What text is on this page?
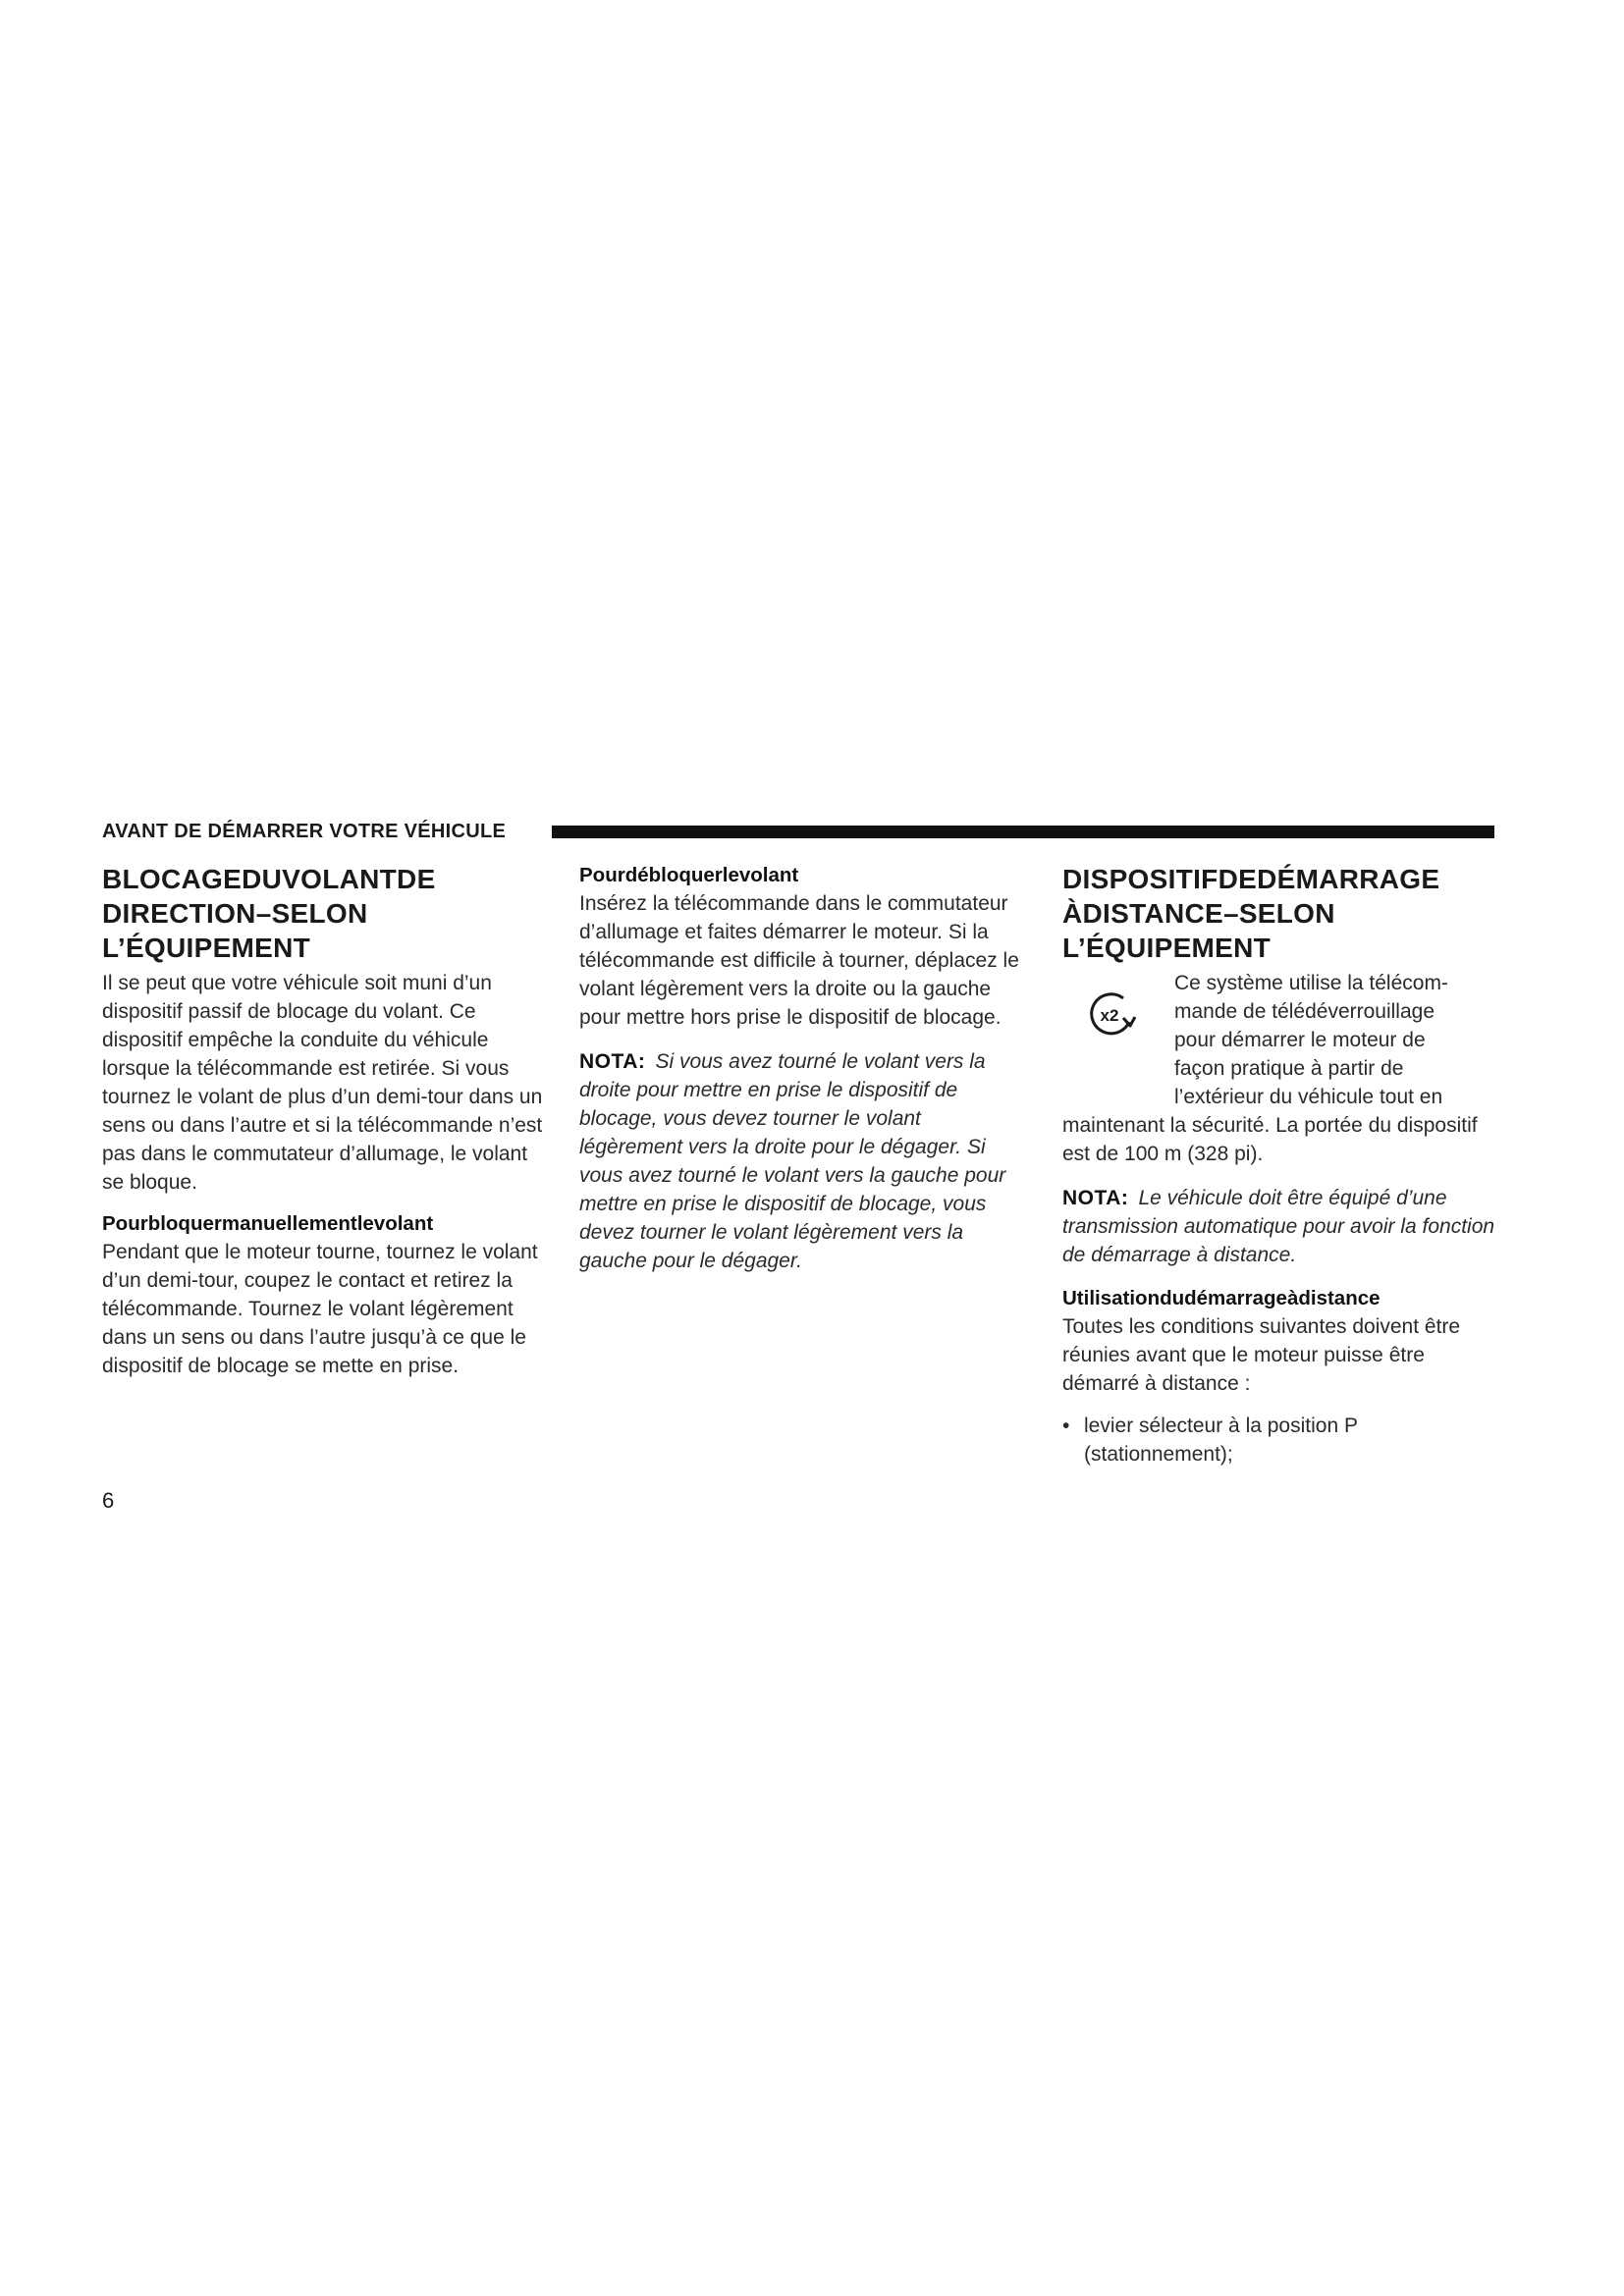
AVANT DE DÉMARRER VOTRE VÉHICULE
BLOCAGEDUVOLANTDE
DIRECTION–SELON
L’ÉQUIPEMENT

Il se peut que votre véhicule soit muni d’un dispositif passif de blocage du volant. Ce dispositif empêche la conduite du véhicule lorsque la télécommande est retirée. Si vous tournez le volant de plus d’un demi-tour dans un sens ou dans l’autre et si la télécommande n’est pas dans le commutateur d’allumage, le volant se bloque.

Pourbloquermanuellementlevolant

Pendant que le moteur tourne, tournez le volant d’un demi-tour, coupez le contact et retirez la télécommande. Tournez le volant légèrement dans un sens ou dans l’autre jusqu’à ce que le dispositif de blocage se mette en prise.

Pourdébloquerlevolant

Insérez la télécommande dans le commutateur d’allumage et faites démarrer le moteur. Si la télécommande est difficile à tourner, déplacez le volant légèrement vers la droite ou la gauche pour mettre hors prise le dispositif de blocage.

NOTA: Si vous avez tourné le volant vers la droite pour mettre en prise le dispositif de blocage, vous devez tourner le volant légèrement vers la droite pour le dégager. Si vous avez tourné le volant vers la gauche pour mettre en prise le dispositif de blocage, vous devez tourner le volant légèrement vers la gauche pour le dégager.

DISPOSITIFDEDÉMARRAGE
ÀDISTANCE–SELON
L’ÉQUIPEMENT
x2

Ce système utilise la télécom-
mande de télédéverrouillage
pour démarrer le moteur de
façon pratique à partir de
l’extérieur du véhicule tout en

maintenant la sécurité. La portée du dispositif est de 100 m (328 pi).

NOTA: Le véhicule doit être équipé d’une transmission automatique pour avoir la fonction de démarrage à distance.

Utilisationdudémarrageàdistance

Toutes les conditions suivantes doivent être réunies avant que le moteur puisse être démarré à distance :

• levier sélecteur à la position P (stationnement);

6
